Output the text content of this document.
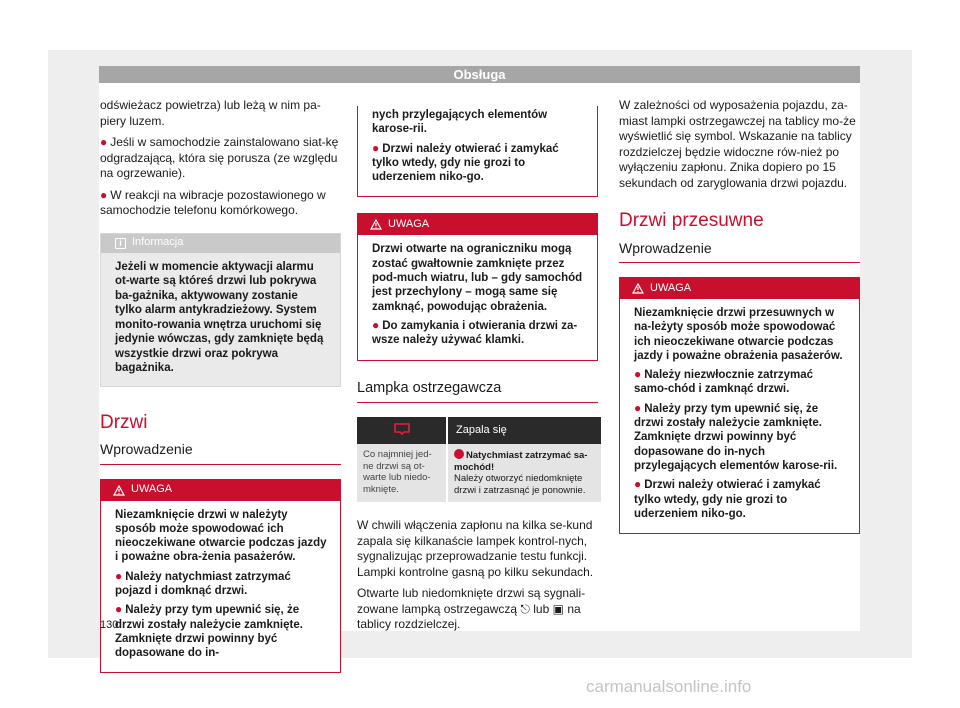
Obsługa

odświeżacz powietrza) lub leżą w nim pa-piery luzem.

● Jeśli w samochodzie zainstalowano siat-kę odgradzającą, która się porusza (ze względu na ogrzewanie).

● W reakcji na wibracje pozostawionego w samochodzie telefonu komórkowego.

i Informacja
Jeżeli w momencie aktywacji alarmu ot-warte są któreś drzwi lub pokrywa ba-gażnika, aktywowany zostanie tylko alarm antykradzieżowy. System monito-rowania wnętrza uruchomi się jedynie wówczas, gdy zamknięte będą wszystkie drzwi oraz pokrywa bagażnika.
Drzwi
Wprowadzenie
UWAGA

Niezamknięcie drzwi w należyty sposób może spowodować ich nieoczekiwane otwarcie podczas jazdy i poważne obra-żenia pasażerów.

● Należy natychmiast zatrzymać pojazd i domknąć drzwi.

● Należy przy tym upewnić się, że drzwi zostały należycie zamknięte. Zamknięte drzwi powinny być dopasowane do in-

nych przylegających elementów karose-rii.

● Drzwi należy otwierać i zamykać tylko wtedy, gdy nie grozi to uderzeniem niko-go.

UWAGA

Drzwi otwarte na ograniczniku mogą zostać gwałtownie zamknięte przez pod-much wiatru, lub – gdy samochód jest przechylony – mogą same się zamknąć, powodując obrażenia.

● Do zamykania i otwierania drzwi za-wsze należy używać klamki.

Lampka ostrzegawcza
	Zapala się
Co najmniej jed-ne drzwi są ot-warte lub niedo-mknięte.	Natychmiast zatrzymać sa-mochód!
Należy otworzyć niedomknięte drzwi i zatrzasnąć je ponownie.

W chwili włączenia zapłonu na kilka se-kund zapala się kilkanaście lampek kontrol-nych, sygnalizując przeprowadzanie testu funkcji. Lampki kontrolne gasną po kilku sekundach.

Otwarte lub niedomknięte drzwi są sygnali-zowane lampką ostrzegawczą ⎋ lub ▣ na tablicy rozdzielczej.

W zależności od wyposażenia pojazdu, za-miast lampki ostrzegawczej na tablicy mo-że wyświetlić się symbol. Wskazanie na tablicy rozdzielczej będzie widoczne rów-nież po wyłączeniu zapłonu. Znika dopiero po 15 sekundach od zaryglowania drzwi pojazdu.

Drzwi przesuwne
Wprowadzenie
UWAGA

Niezamknięcie drzwi przesuwnych w na-leżyty sposób może spowodować ich nieoczekiwane otwarcie podczas jazdy i poważne obrażenia pasażerów.

● Należy niezwłocznie zatrzymać samo-chód i zamknąć drzwi.

● Należy przy tym upewnić się, że drzwi zostały należycie zamknięte. Zamknięte drzwi powinny być dopasowane do in-nych przylegających elementów karose-rii.

● Drzwi należy otwierać i zamykać tylko wtedy, gdy nie grozi to uderzeniem niko-go.

130
carmanualsonline.info
